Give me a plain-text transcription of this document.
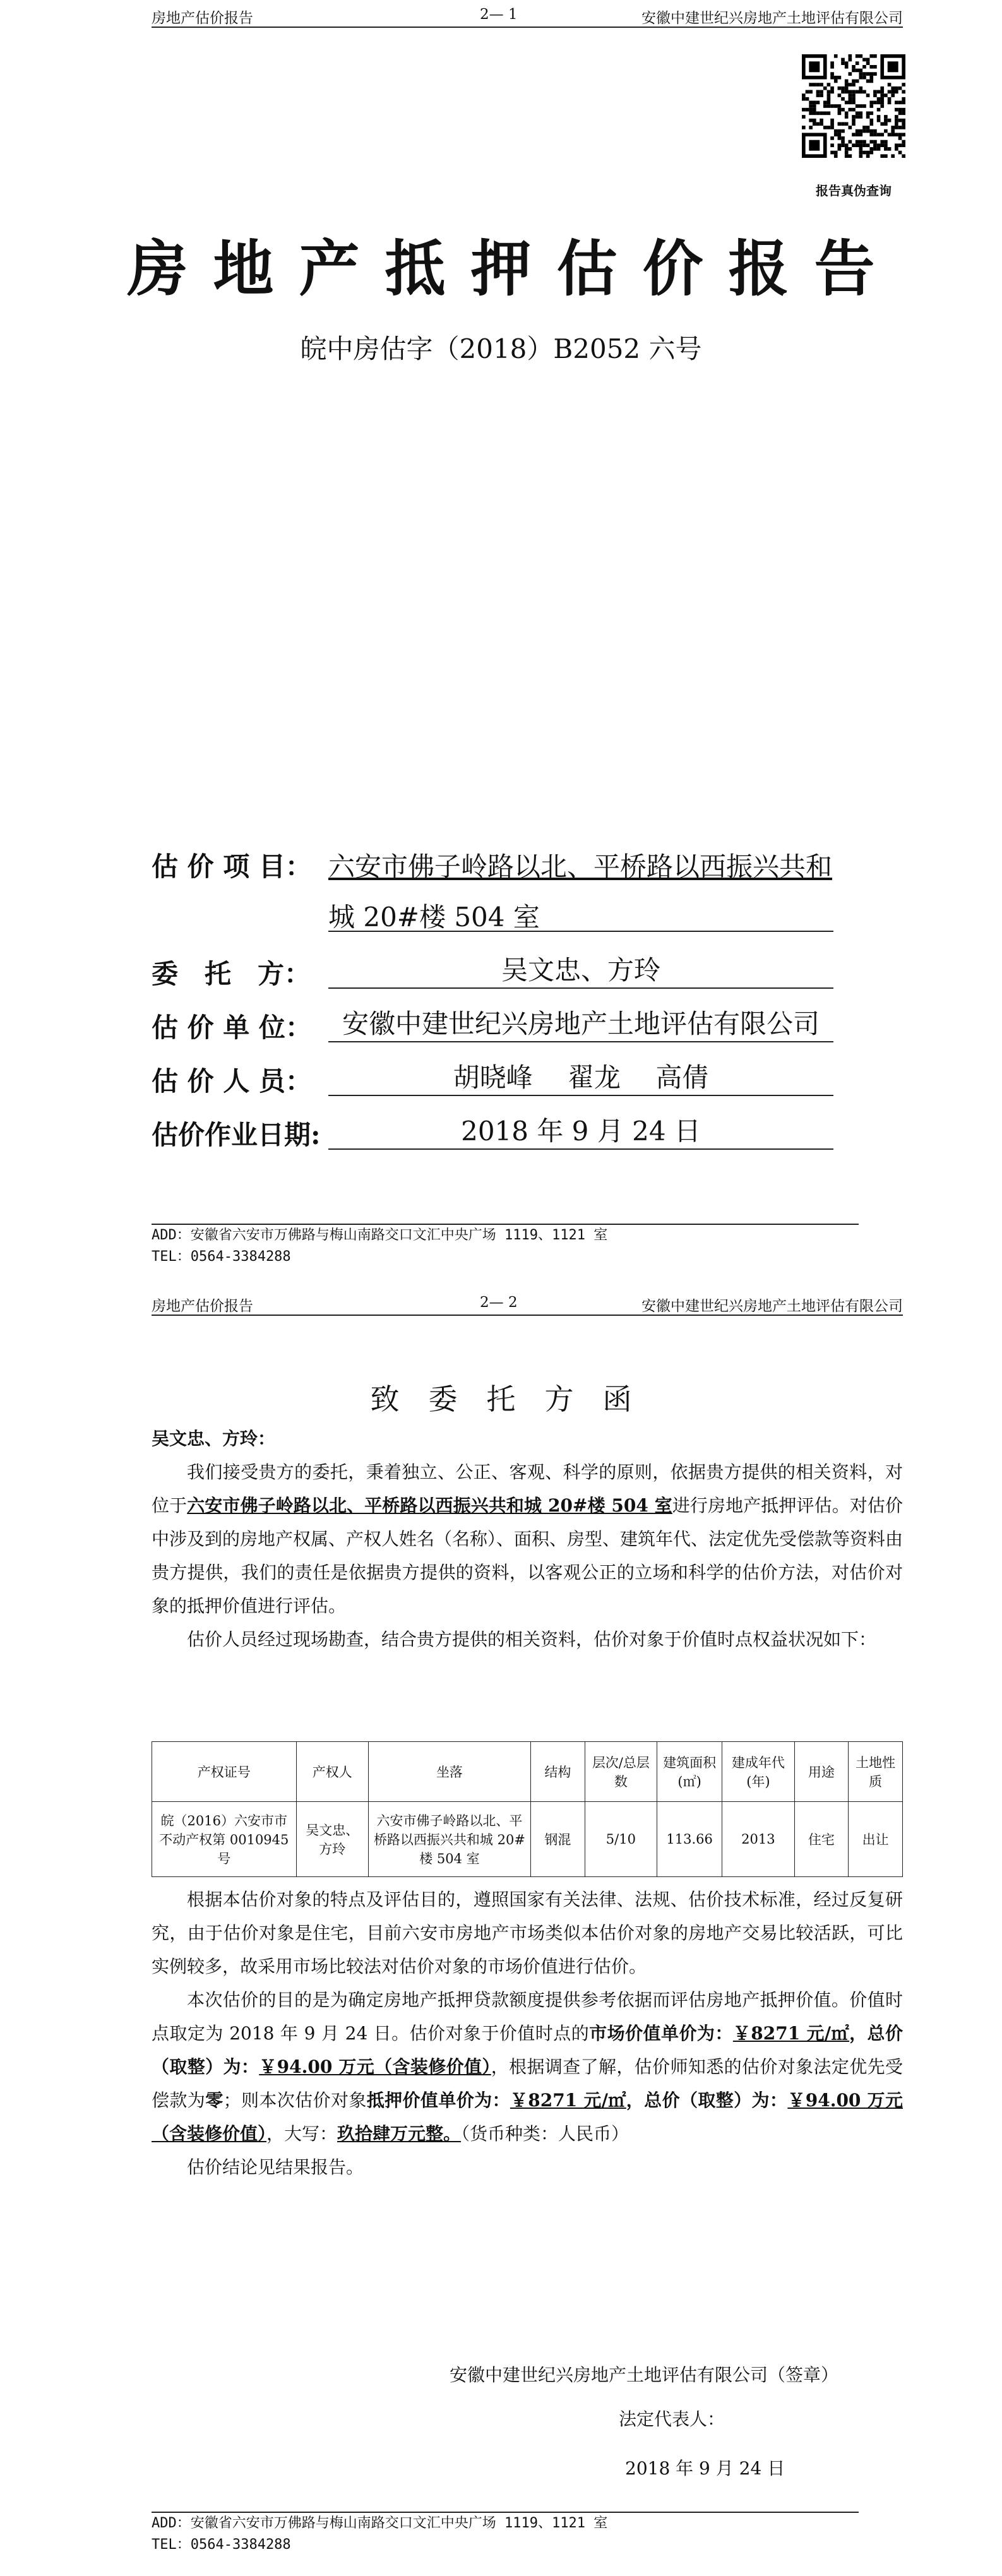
房地产估价报告	2— 1	安徽中建世纪兴房地产土地评估有限公司
报告真伪查询
房地产抵押估价报告
皖中房估字（2018）B2052 六号
估 价 项 目： 六安市佛子岭路以北、平桥路以西振兴共和
城 20#楼 504 室
委　托　方：	吴文忠、方玲
估 价 单 位：	安徽中建世纪兴房地产土地评估有限公司
估 价 人 员：	胡晓峰　 翟龙　 高倩
估价作业日期:	2018 年 9 月 24 日
ADD：安徽省六安市万佛路与梅山南路交口文汇中央广场 1119、1121 室
TEL：0564-3384288
房地产估价报告	2— 2	安徽中建世纪兴房地产土地评估有限公司
致委托方函
吴文忠、方玲：

我们接受贵方的委托，秉着独立、公正、客观、科学的原则，依据贵方提供的相关资料，对位于六安市佛子岭路以北、平桥路以西振兴共和城 20#楼 504 室进行房地产抵押评估。对估价中涉及到的房地产权属、产权人姓名（名称）、面积、房型、建筑年代、法定优先受偿款等资料由贵方提供，我们的责任是依据贵方提供的资料，以客观公正的立场和科学的估价方法，对估价对象的抵押价值进行评估。

估价人员经过现场勘查，结合贵方提供的相关资料，估价对象于价值时点权益状况如下：

产权证号	产权人	坐落	结构	层次/总层数	建筑面积(㎡)	建成年代(年)	用途	土地性质
皖（2016）六安市市不动产权第 0010945 号	吴文忠、方玲	六安市佛子岭路以北、平桥路以西振兴共和城 20#楼 504 室	钢混	5/10	113.66	2013	住宅	出让

根据本估价对象的特点及评估目的，遵照国家有关法律、法规、估价技术标准，经过反复研究，由于估价对象是住宅，目前六安市房地产市场类似本估价对象的房地产交易比较活跃，可比实例较多，故采用市场比较法对估价对象的市场价值进行估价。

本次估价的目的是为确定房地产抵押贷款额度提供参考依据而评估房地产抵押价值。价值时点取定为 2018 年 9 月 24 日。估价对象于价值时点的市场价值单价为：￥8271 元/㎡，总价（取整）为：￥94.00 万元（含装修价值），根据调查了解，估价师知悉的估价对象法定优先受偿款为零；则本次估价对象抵押价值单价为：￥8271 元/㎡，总价（取整）为：￥94.00 万元（含装修价值），大写：玖拾肆万元整。（货币种类：人民币）

估价结论见结果报告。

安徽中建世纪兴房地产土地评估有限公司（签章）
法定代表人：
2018 年 9 月 24 日
ADD：安徽省六安市万佛路与梅山南路交口文汇中央广场 1119、1121 室
TEL：0564-3384288
